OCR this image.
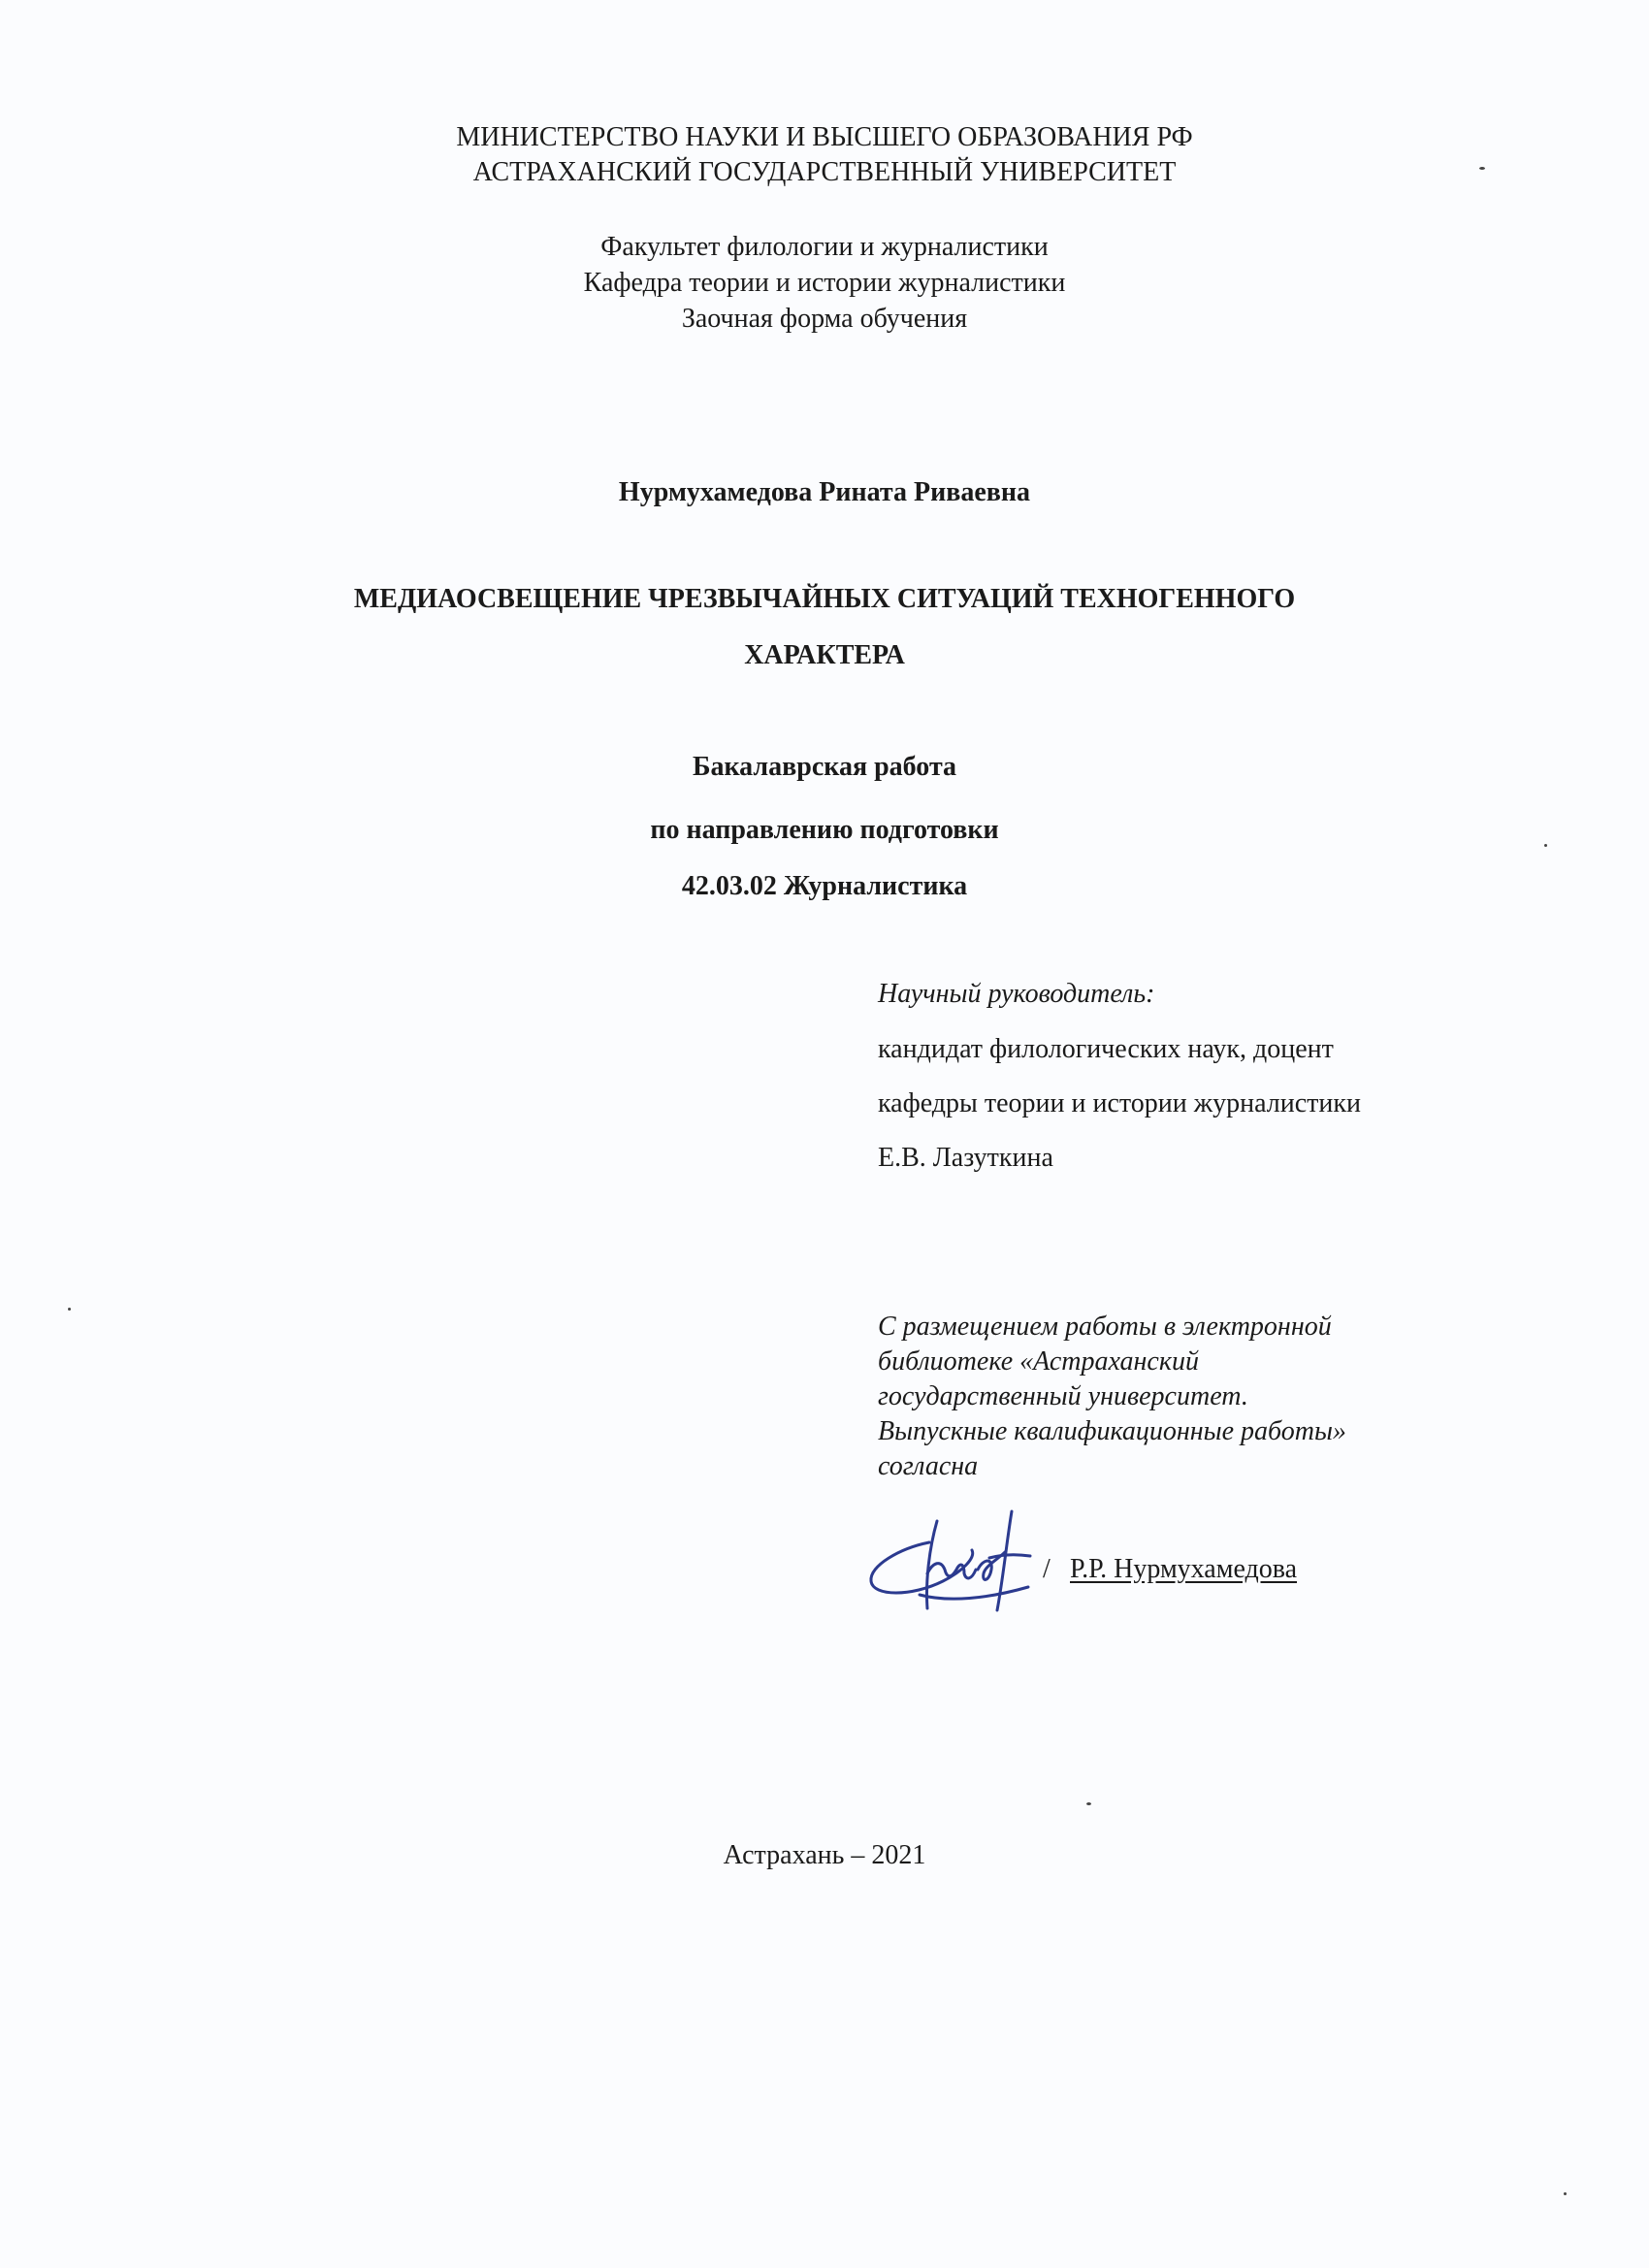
МИНИСТЕРСТВО НАУКИ И ВЫСШЕГО ОБРАЗОВАНИЯ РФ
АСТРАХАНСКИЙ ГОСУДАРСТВЕННЫЙ УНИВЕРСИТЕТ
Факультет филологии и журналистики
Кафедра теории и истории журналистики
Заочная форма обучения
Нурмухамедова Рината Риваевна
МЕДИАОСВЕЩЕНИЕ ЧРЕЗВЫЧАЙНЫХ СИТУАЦИЙ ТЕХНОГЕННОГО
ХАРАКТЕРА
Бакалаврская работа
по направлению подготовки
42.03.02 Журналистика
Научный руководитель:
кандидат филологических наук, доцент
кафедры теории и истории журналистики
Е.В. Лазуткина
С размещением работы в электронной
библиотеке «Астраханский
государственный университет.
Выпускные квалификационные работы»
согласна
/ Р.Р. Нурмухамедова
Астрахань – 2021
